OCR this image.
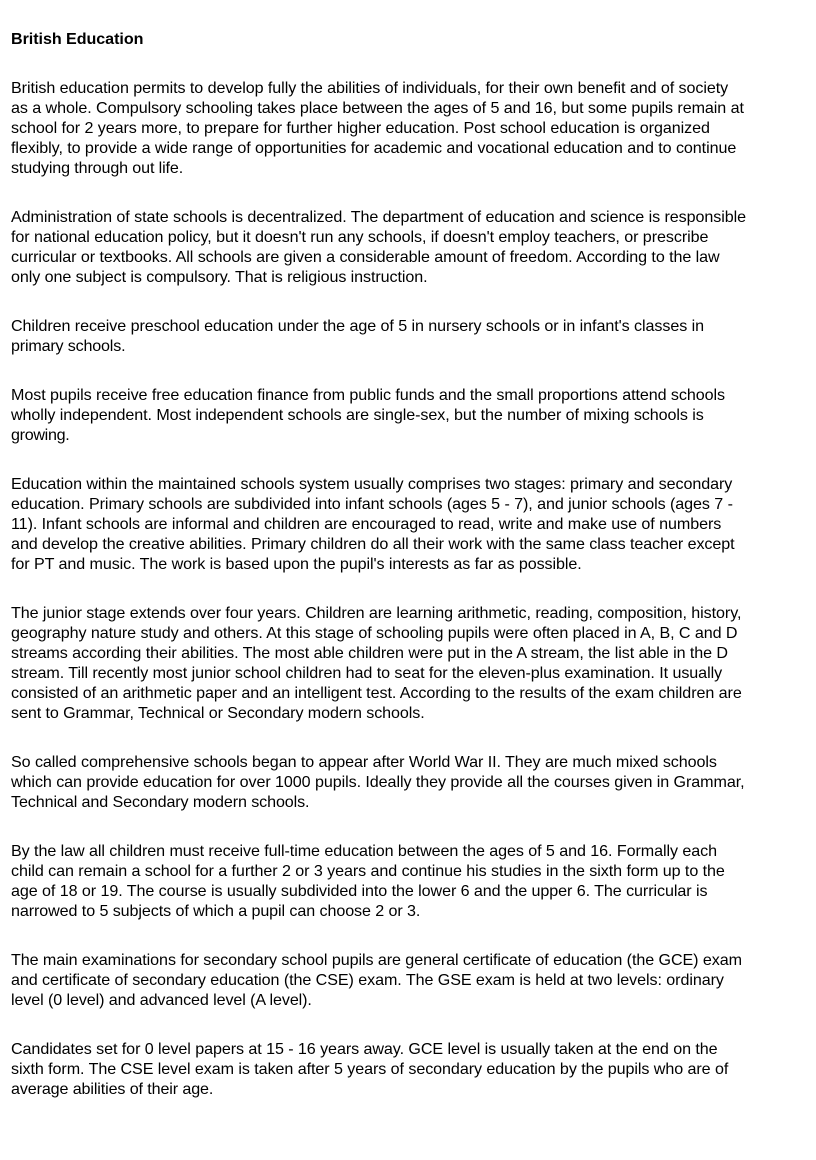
British Education
British education permits to develop fully the abilities of individuals, for their own benefit and of society
as a whole. Compulsory schooling takes place between the ages of 5 and 16, but some pupils remain at
school for 2 years more, to prepare for further higher education. Post school education is organized
flexibly, to provide a wide range of opportunities for academic and vocational education and to continue
studying through out life.
Administration of state schools is decentralized. The department of education and science is responsible
for national education policy, but it doesn't run any schools, if doesn't employ teachers, or prescribe
curricular or textbooks. All schools are given a considerable amount of freedom. According to the law
only one subject is compulsory. That is religious instruction.
Children receive preschool education under the age of 5 in nursery schools or in infant's classes in
primary schools.
Most pupils receive free education finance from public funds and the small proportions attend schools
wholly independent. Most independent schools are single-sex, but the number of mixing schools is
growing.
Education within the maintained schools system usually comprises two stages: primary and secondary
education. Primary schools are subdivided into infant schools (ages 5 - 7), and junior schools (ages 7 -
11). Infant schools are informal and children are encouraged to read, write and make use of numbers
and develop the creative abilities. Primary children do all their work with the same class teacher except
for PT and music. The work is based upon the pupil's interests as far as possible.
The junior stage extends over four years. Children are learning arithmetic, reading, composition, history,
geography nature study and others. At this stage of schooling pupils were often placed in A, B, C and D
streams according their abilities. The most able children were put in the A stream, the list able in the D
stream. Till recently most junior school children had to seat for the eleven-plus examination. It usually
consisted of an arithmetic paper and an intelligent test. According to the results of the exam children are
sent to Grammar, Technical or Secondary modern schools.
So called comprehensive schools began to appear after World War II. They are much mixed schools
which can provide education for over 1000 pupils. Ideally they provide all the courses given in Grammar,
Technical and Secondary modern schools.
By the law all children must receive full-time education between the ages of 5 and 16. Formally each
child can remain a school for a further 2 or 3 years and continue his studies in the sixth form up to the
age of 18 or 19. The course is usually subdivided into the lower 6 and the upper 6. The curricular is
narrowed to 5 subjects of which a pupil can choose 2 or 3.
The main examinations for secondary school pupils are general certificate of education (the GCE) exam
and certificate of secondary education (the CSE) exam. The GSE exam is held at two levels: ordinary
level (0 level) and advanced level (A level).
Candidates set for 0 level papers at 15 - 16 years away. GCE level is usually taken at the end on the
sixth form. The CSE level exam is taken after 5 years of secondary education by the pupils who are of
average abilities of their age.
